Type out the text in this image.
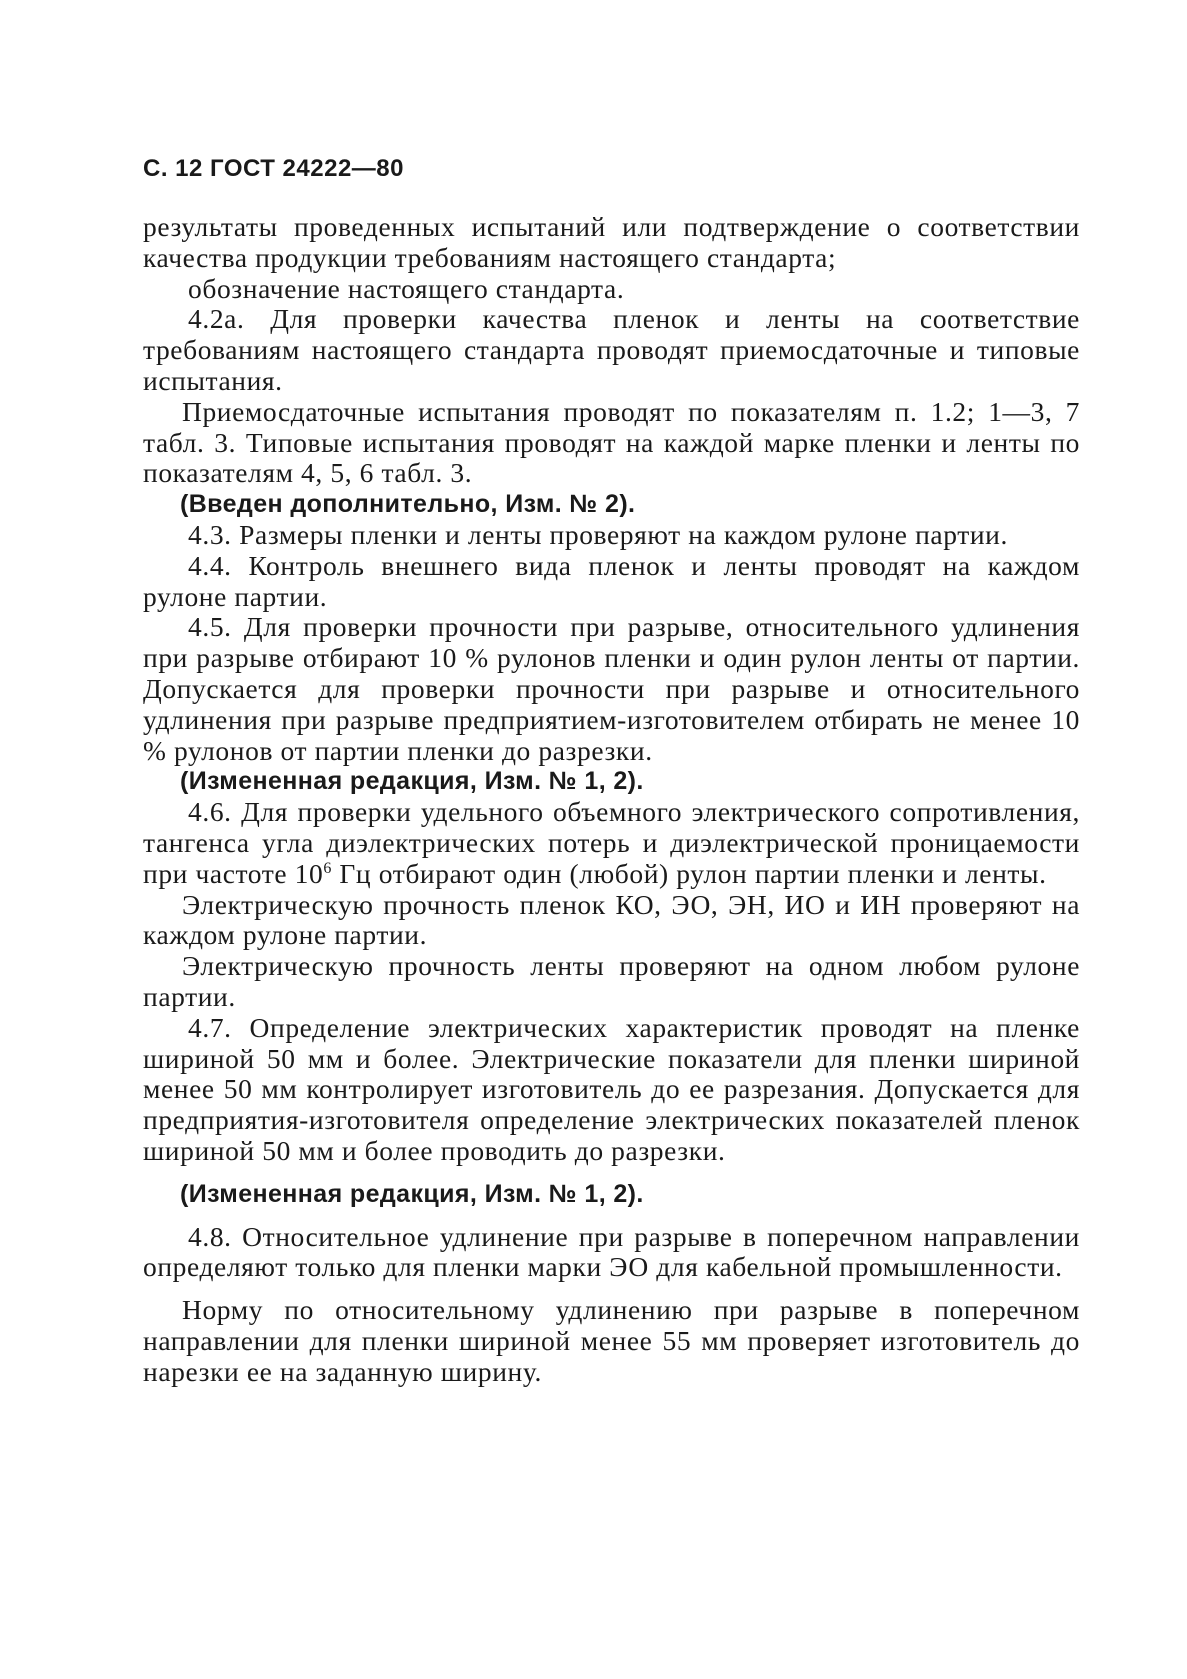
С. 12 ГОСТ 24222—80

результаты проведенных испытаний или подтверждение о соответствии качества продукции требованиям настоящего стандарта;

обозначение настоящего стандарта.

4.2а. Для проверки качества пленок и ленты на соответствие требованиям настоящего стандарта проводят приемосдаточные и типовые испытания.

Приемосдаточные испытания проводят по показателям п. 1.2; 1—3, 7 табл. 3. Типовые испытания проводят на каждой марке пленки и ленты по показателям 4, 5, 6 табл. 3.

(Введен дополнительно, Изм. № 2).

4.3. Размеры пленки и ленты проверяют на каждом рулоне партии.

4.4. Контроль внешнего вида пленок и ленты проводят на каждом рулоне партии.

4.5. Для проверки прочности при разрыве, относительного удлинения при разрыве отбирают 10 % рулонов пленки и один рулон ленты от партии. Допускается для проверки прочности при разрыве и относительного удлинения при разрыве предприятием-изготовителем отбирать не менее 10 % рулонов от партии пленки до разрезки.

(Измененная редакция, Изм. № 1, 2).

4.6. Для проверки удельного объемного электрического сопротивления, тангенса угла диэлектрических потерь и диэлектрической проницаемости при частоте $10^6$ Гц отбирают один (любой) рулон партии пленки и ленты.

Электрическую прочность пленок КО, ЭО, ЭН, ИО и ИН проверяют на каждом рулоне партии.

Электрическую прочность ленты проверяют на одном любом рулоне партии.

4.7. Определение электрических характеристик проводят на пленке шириной 50 мм и более. Электрические показатели для пленки шириной менее 50 мм контролирует изготовитель до ее разрезания. Допускается для предприятия-изготовителя определение электрических показателей пленок шириной 50 мм и более проводить до разрезки.

(Измененная редакция, Изм. № 1, 2).

4.8. Относительное удлинение при разрыве в поперечном направлении определяют только для пленки марки ЭО для кабельной промышленности.

Норму по относительному удлинению при разрыве в поперечном направлении для пленки шириной менее 55 мм проверяет изготовитель до нарезки ее на заданную ширину.
